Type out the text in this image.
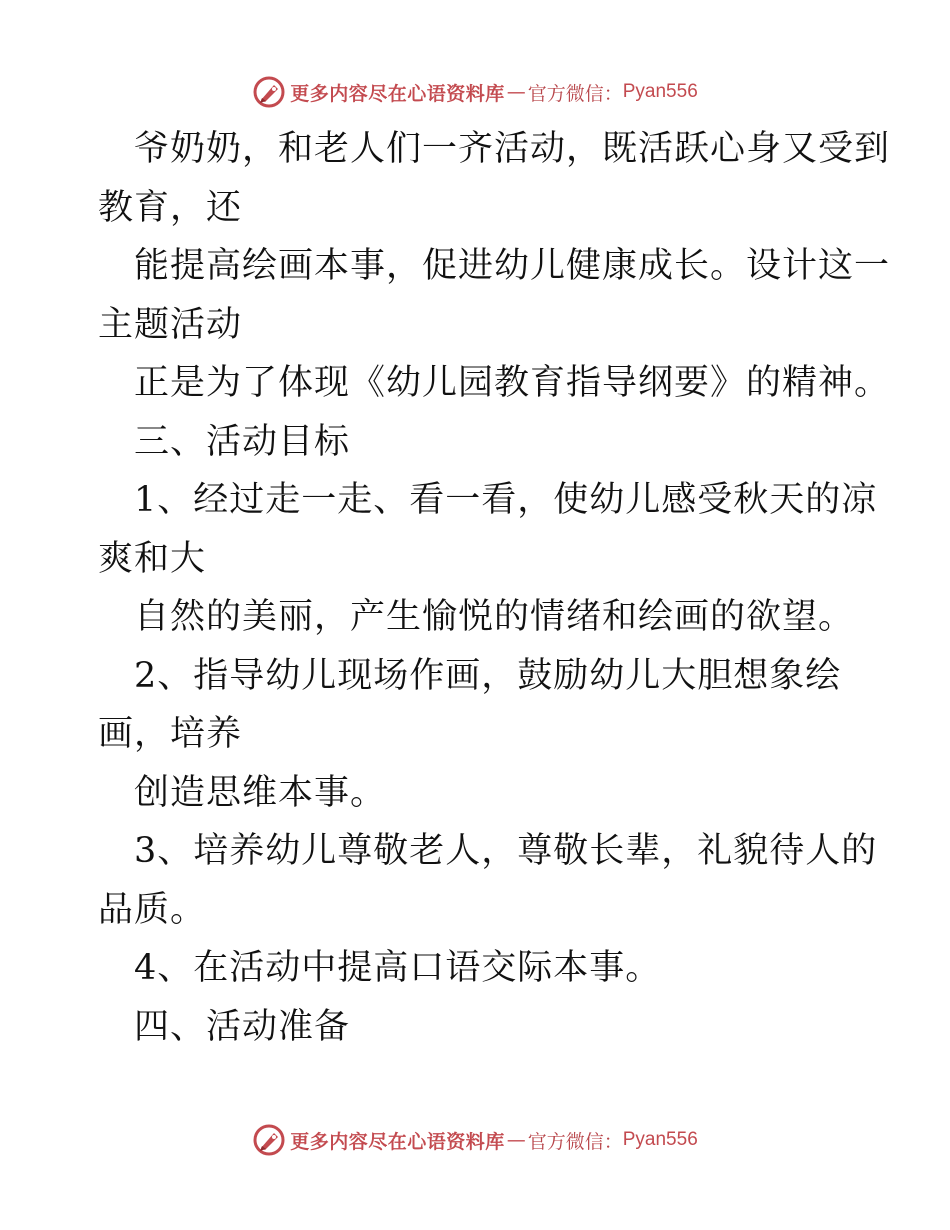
更多内容尽在心语资料库 — 官方微信： Pyan556
爷奶奶，和老人们一齐活动，既活跃心身又受到
教育，还
能提高绘画本事，促进幼儿健康成长。设计这一
主题活动
正是为了体现《幼儿园教育指导纲要》的精神。
三、活动目标
1、经过走一走、看一看，使幼儿感受秋天的凉
爽和大
自然的美丽，产生愉悦的情绪和绘画的欲望。
2、指导幼儿现场作画，鼓励幼儿大胆想象绘
画，培养
创造思维本事。
3、培养幼儿尊敬老人，尊敬长辈，礼貌待人的
品质。
4、在活动中提高口语交际本事。
四、活动准备
更多内容尽在心语资料库 — 官方微信： Pyan556
